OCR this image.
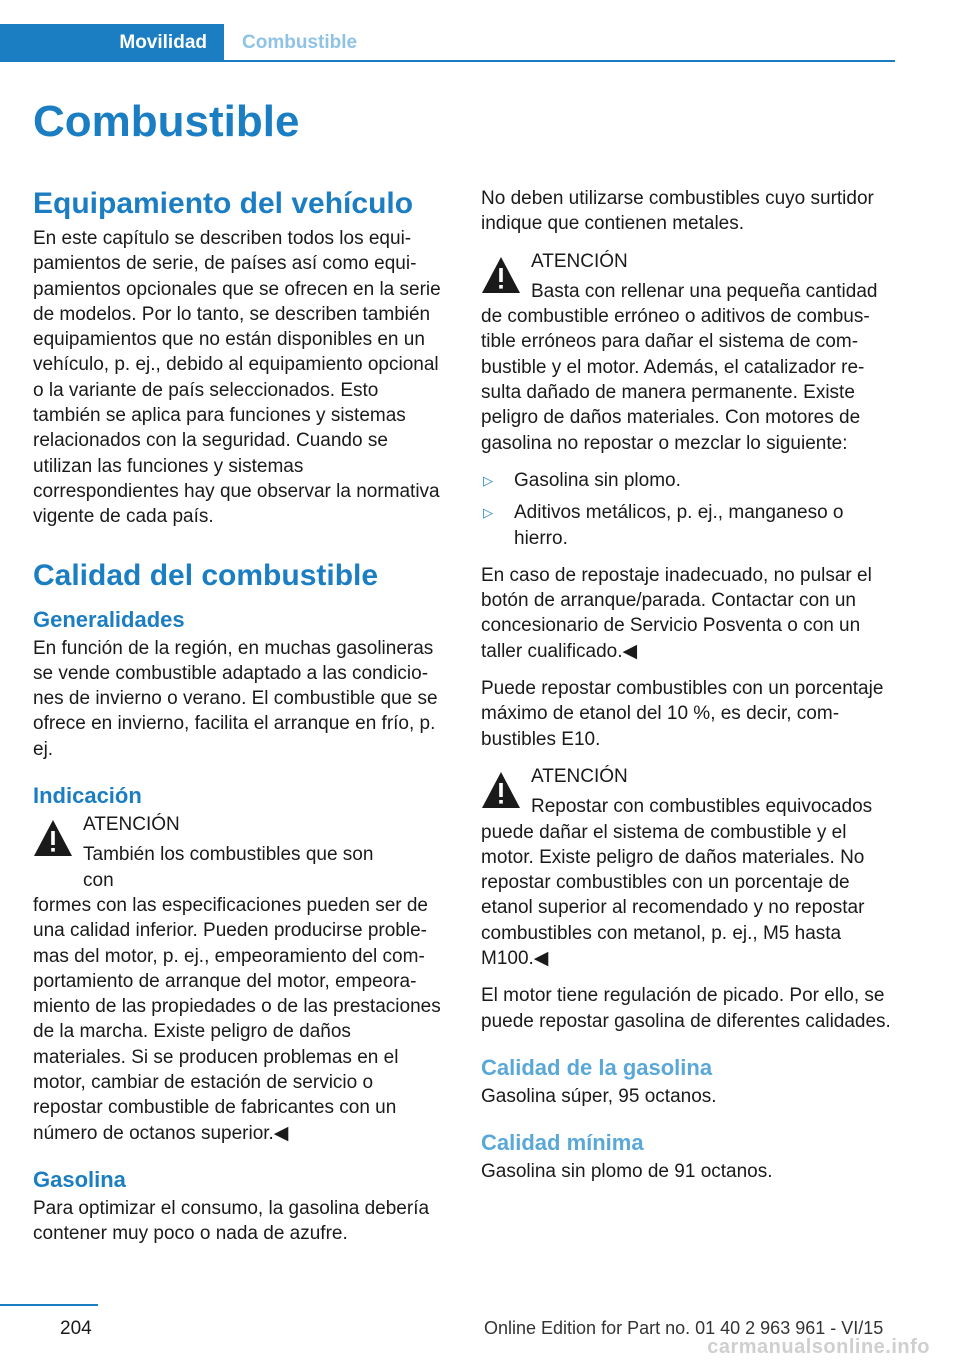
Movilidad	Combustible
Combustible
Equipamiento del vehículo

En este capítulo se describen todos los equipamientos de serie, de países así como equipamientos opcionales que se ofrecen en la serie de modelos. Por lo tanto, se describen también equipamientos que no están disponibles en un vehículo, p. ej., debido al equipamiento opcional o la variante de país seleccionados. Esto también se aplica para funciones y sistemas relacionados con la seguridad. Cuando se utilizan las funciones y sistemas correspondientes hay que observar la normativa vigente de cada país.

Calidad del combustible
Generalidades

En función de la región, en muchas gasolineras se vende combustible adaptado a las condiciones de invierno o verano. El combustible que se ofrece en invierno, facilita el arranque en frío, p. ej.

Indicación
ATENCIÓN
También los combustibles que son con

formes con las especificaciones pueden ser de una calidad inferior. Pueden producirse problemas del motor, p. ej., empeoramiento del comportamiento de arranque del motor, empeoramiento de las propiedades o de las prestaciones de la marcha. Existe peligro de daños materiales. Si se producen problemas en el motor, cambiar de estación de servicio o repostar combustible de fabricantes con un número de octanos superior.◀

Gasolina

Para optimizar el consumo, la gasolina debería contener muy poco o nada de azufre.

No deben utilizarse combustibles cuyo surtidor indique que contienen metales.

ATENCIÓN
Basta con rellenar una pequeña cantidad

de combustible erróneo o aditivos de combustible erróneos para dañar el sistema de combustible y el motor. Además, el catalizador resulta dañado de manera permanente. Existe peligro de daños materiales. Con motores de gasolina no repostar o mezclar lo siguiente:

▷ Gasolina sin plomo.
▷ Aditivos metálicos, p. ej., manganeso o hierro.

En caso de repostaje inadecuado, no pulsar el botón de arranque/parada. Contactar con un concesionario de Servicio Posventa o con un taller cualificado.◀

Puede repostar combustibles con un porcentaje máximo de etanol del 10 %, es decir, combustibles E10.

ATENCIÓN
Repostar con combustibles equivocados

puede dañar el sistema de combustible y el motor. Existe peligro de daños materiales. No repostar combustibles con un porcentaje de etanol superior al recomendado y no repostar combustibles con metanol, p. ej., M5 hasta M100.◀

El motor tiene regulación de picado. Por ello, se puede repostar gasolina de diferentes calidades.

Calidad de la gasolina

Gasolina súper, 95 octanos.

Calidad mínima

Gasolina sin plomo de 91 octanos.

204	Online Edition for Part no. 01 40 2 963 961 - VI/15
carmanualsonline.info
